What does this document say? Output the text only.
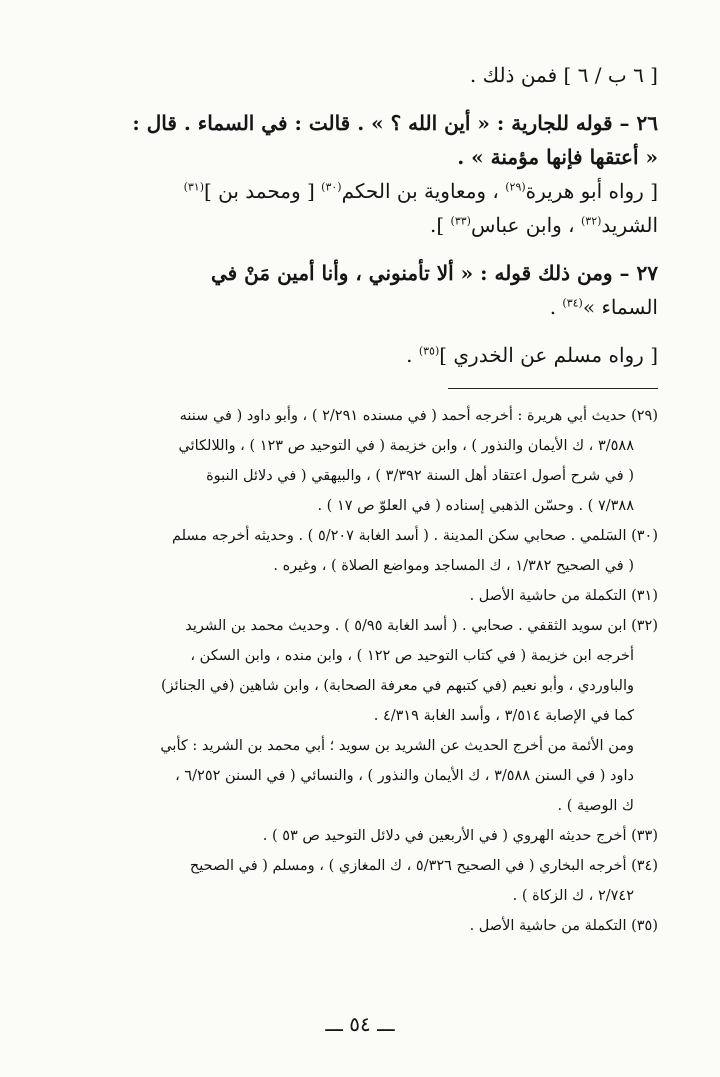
[ ٦ ب / ٦ ] فمن ذلك .

٢٦ – قوله للجارية : « أين الله ؟ » . قالت : في السماء . قال :

« أعتقها فإنها مؤمنة » .

[ رواه أبو هريرة$^{(٢٩)}$ ، ومعاوية بن الحكم$^{(٣٠)}$ [ ومحمد بن ]$^{(٣١)}$

الشريد$^{(٣٢)}$ ، وابن عباس$^{(٣٣)}$ ].

٢٧ – ومن ذلك قوله : « ألا تأمنوني ، وأنا أمين مَنْ في

السماء »$^{(٣٤)}$ .

[ رواه مسلم عن الخدري ]$^{(٣٥)}$ .

(٢٩) حديث أبي هريرة : أخرجه أحمد ( في مسنده ٢/٢٩١ ) ، وأبو داود ( في سننه

٣/٥٨٨ ، ك الأيمان والنذور ) ، وابن خزيمة ( في التوحيد ص ١٢٣ ) ، واللالكائي

( في شرح أصول اعتقاد أهل السنة ٣/٣٩٢ ) ، والبيهقي ( في دلائل النبوة

٧/٣٨٨ ) . وحسّن الذهبي إسناده ( في العلوّ ص ١٧ ) .

(٣٠) السَلمي . صحابي سكن المدينة . ( أسد الغابة ٥/٢٠٧ ) . وحديثه أخرجه مسلم

( في الصحيح ١/٣٨٢ ، ك المساجد ومواضع الصلاة ) ، وغيره .

(٣١) التكملة من حاشية الأصل .

(٣٢) ابن سويد الثقفي . صحابي . ( أسد الغابة ٥/٩٥ ) . وحديث محمد بن الشريد

أخرجه ابن خزيمة ( في كتاب التوحيد ص ١٢٢ ) ، وابن منده ، وابن السكن ،

والباوردي ، وأبو نعيم (في كتبهم في معرفة الصحابة) ، وابن شاهين (في الجنائز)

كما في الإصابة ٣/٥١٤ ، وأسد الغابة ٤/٣١٩ .

ومن الأئمة من أخرج الحديث عن الشريد بن سويد ؛ أبي محمد بن الشريد : كأبي

داود ( في السنن ٣/٥٨٨ ، ك الأيمان والنذور ) ، والنسائي ( في السنن ٦/٢٥٢ ،

ك الوصية ) .

(٣٣) أخرج حديثه الهروي ( في الأربعين في دلائل التوحيد ص ٥٣ ) .

(٣٤) أخرجه البخاري ( في الصحيح ٥/٣٢٦ ، ك المغازي ) ، ومسلم ( في الصحيح

٢/٧٤٢ ، ك الزكاة ) .

(٣٥) التكملة من حاشية الأصل .

ـــ ٥٤ ـــ
